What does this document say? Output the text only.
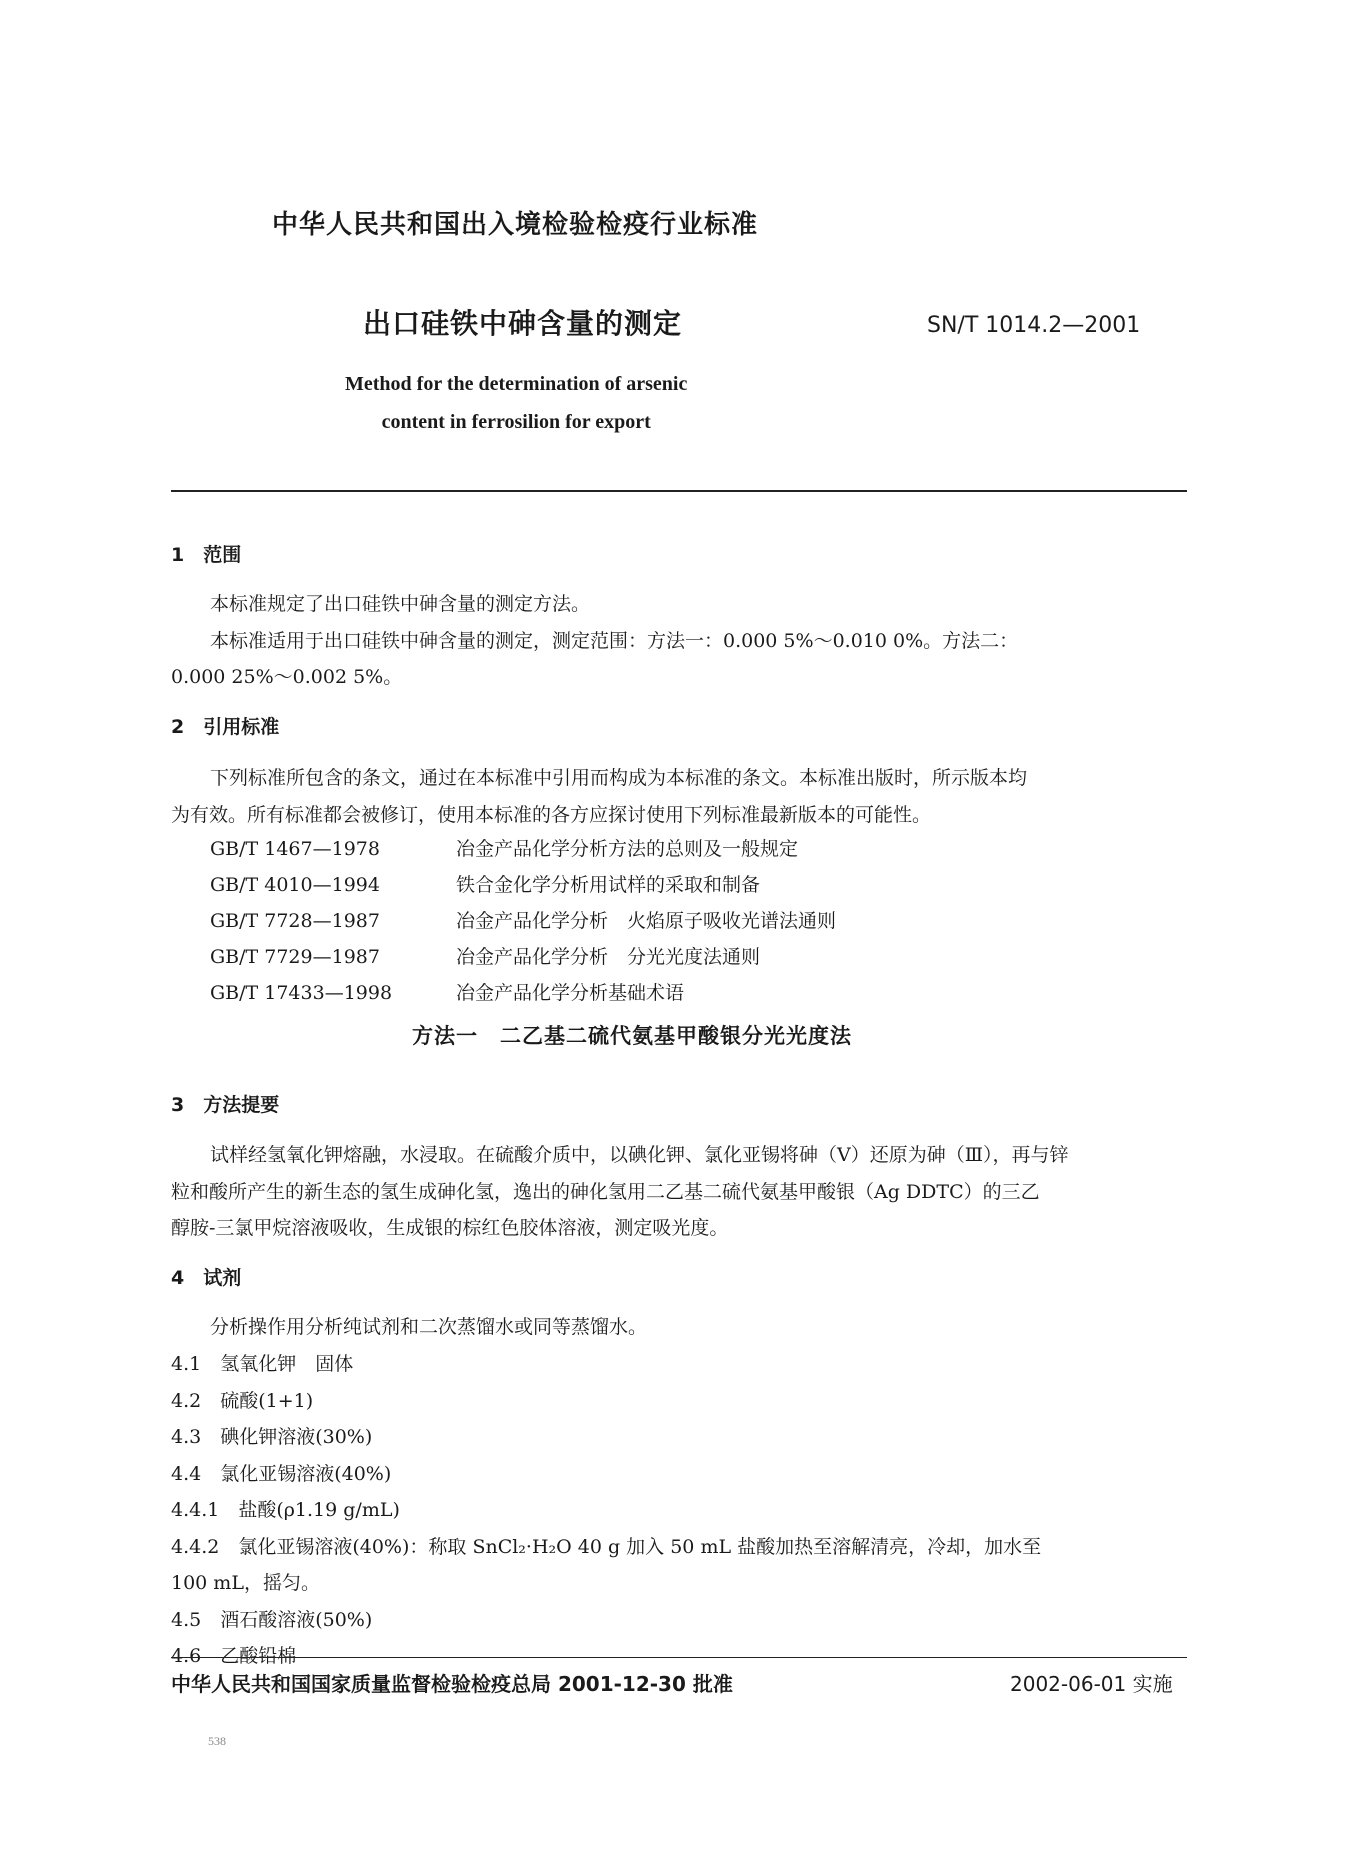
中华人民共和国出入境检验检疫行业标准
出口硅铁中砷含量的测定	SN/T 1014.2—2001
Method for the determination of arsenic
content in ferrosilion for export
1　范围
本标准规定了出口硅铁中砷含量的测定方法。
本标准适用于出口硅铁中砷含量的测定，测定范围：方法一：0.000 5%～0.010 0%。方法二：
0.000 25%～0.002 5%。
2　引用标准
下列标准所包含的条文，通过在本标准中引用而构成为本标准的条文。本标准出版时，所示版本均
为有效。所有标准都会被修订，使用本标准的各方应探讨使用下列标准最新版本的可能性。
GB/T 1467—1978	冶金产品化学分析方法的总则及一般规定
GB/T 4010—1994	铁合金化学分析用试样的采取和制备
GB/T 7728—1987	冶金产品化学分析　火焰原子吸收光谱法通则
GB/T 7729—1987	冶金产品化学分析　分光光度法通则
GB/T 17433—1998	冶金产品化学分析基础术语
方法一　二乙基二硫代氨基甲酸银分光光度法
3　方法提要
试样经氢氧化钾熔融，水浸取。在硫酸介质中，以碘化钾、氯化亚锡将砷（Ⅴ）还原为砷（Ⅲ），再与锌
粒和酸所产生的新生态的氢生成砷化氢，逸出的砷化氢用二乙基二硫代氨基甲酸银（Ag DDTC）的三乙
醇胺-三氯甲烷溶液吸收，生成银的棕红色胶体溶液，测定吸光度。
4　试剂
分析操作用分析纯试剂和二次蒸馏水或同等蒸馏水。
4.1　氢氧化钾　固体
4.2　硫酸(1+1)
4.3　碘化钾溶液(30%)
4.4　氯化亚锡溶液(40%)
4.4.1　盐酸(ρ1.19 g/mL)
4.4.2　氯化亚锡溶液(40%)：称取 SnCl₂·H₂O 40 g 加入 50 mL 盐酸加热至溶解清亮，冷却，加水至
100 mL，摇匀。
4.5　酒石酸溶液(50%)
4.6　乙酸铅棉
中华人民共和国国家质量监督检验检疫总局 2001-12-30 批准	2002-06-01 实施
538
